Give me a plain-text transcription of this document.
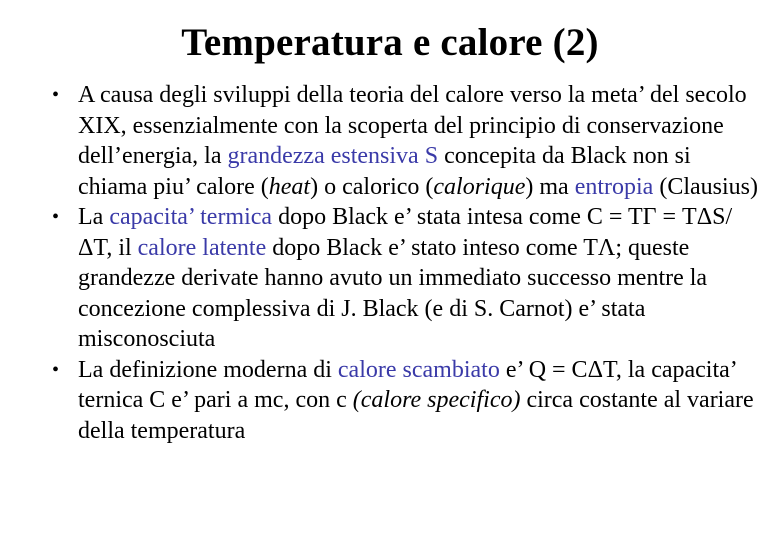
Temperatura e calore (2)
• A causa degli sviluppi della teoria del calore verso la meta’ del secolo XIX, essenzialmente con la scoperta del principio di conservazione dell’energia, la grandezza estensiva S concepita da Black non si chiama piu’ calore (heat) o calorico (calorique) ma entropia (Clausius)
• La capacita’ termica dopo Black e’ stata intesa come C = TΓ = TΔS/ΔT, il calore latente dopo Black e’ stato inteso come TΛ; queste grandezze derivate hanno avuto un immediato successo mentre la concezione complessiva di J. Black (e di S. Carnot) e’ stata misconosciuta
• La definizione moderna di calore scambiato e’ Q = CΔT, la capacita’ ternica C e’ pari a mc, con c (calore specifico) circa costante al variare della temperatura
